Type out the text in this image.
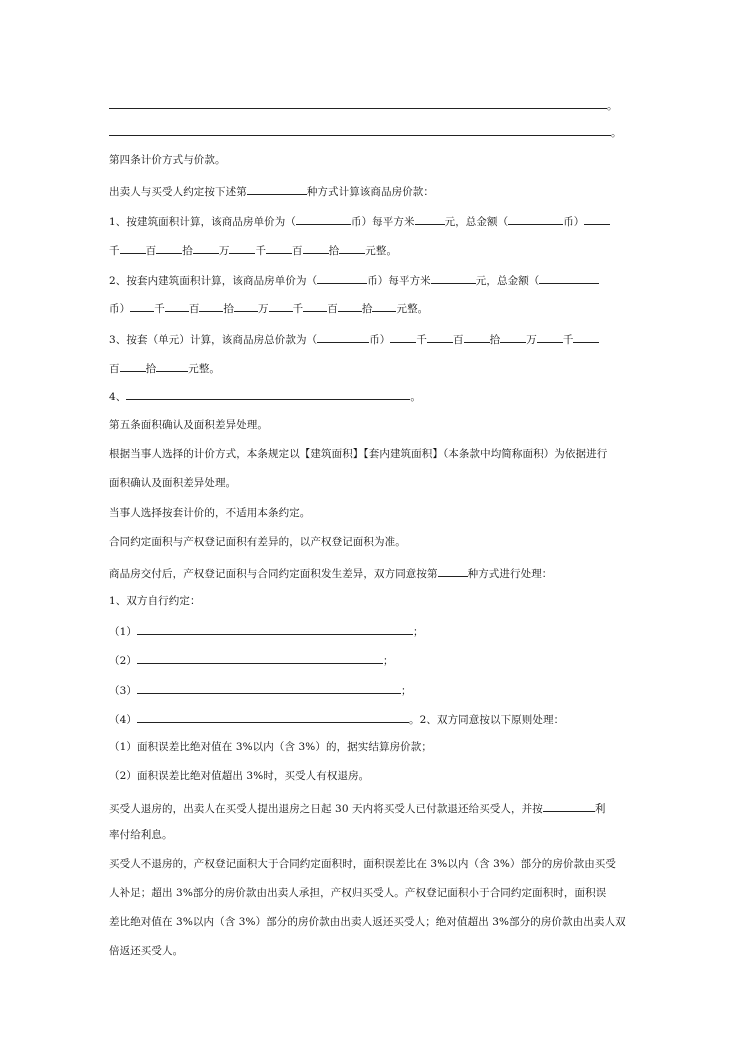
。
。
第四条计价方式与价款。
出卖人与买受人约定按下述第	种方式计算该商品房价款：
1、按建筑面积计算，该商品房单价为（	币）每平方米	元，总金额（	币）
千 百 拾 万 千 百 拾 元整。
2、按套内建筑面积计算，该商品房单价为（	币）每平方米	元，总金额（
币） 千 百 拾 万 千 百 拾 元整。
3、按套（单元）计算，该商品房总价款为（	币） 千 百 拾 万 千
百 拾	元整。
4、	。
第五条面积确认及面积差异处理。
根据当事人选择的计价方式，本条规定以【建筑面积】【套内建筑面积】（本条款中均简称面积）为依据进行
面积确认及面积差异处理。
当事人选择按套计价的，不适用本条约定。
合同约定面积与产权登记面积有差异的，以产权登记面积为准。
商品房交付后，产权登记面积与合同约定面积发生差异，双方同意按第	种方式进行处理：
1、双方自行约定：
（1）	；
（2）	；
（3）	；
（4）	。2、双方同意按以下原则处理：
（1）面积误差比绝对值在 3%以内（含 3%）的，据实结算房价款；
（2）面积误差比绝对值超出 3%时，买受人有权退房。
买受人退房的，出卖人在买受人提出退房之日起 30 天内将买受人已付款退还给买受人，并按	利
率付给利息。
买受人不退房的，产权登记面积大于合同约定面积时，面积误差比在 3%以内（含 3%）部分的房价款由买受
人补足；超出 3%部分的房价款由出卖人承担，产权归买受人。产权登记面积小于合同约定面积时，面积误
差比绝对值在 3%以内（含 3%）部分的房价款由出卖人返还买受人；绝对值超出 3%部分的房价款由出卖人双
倍返还买受人。
